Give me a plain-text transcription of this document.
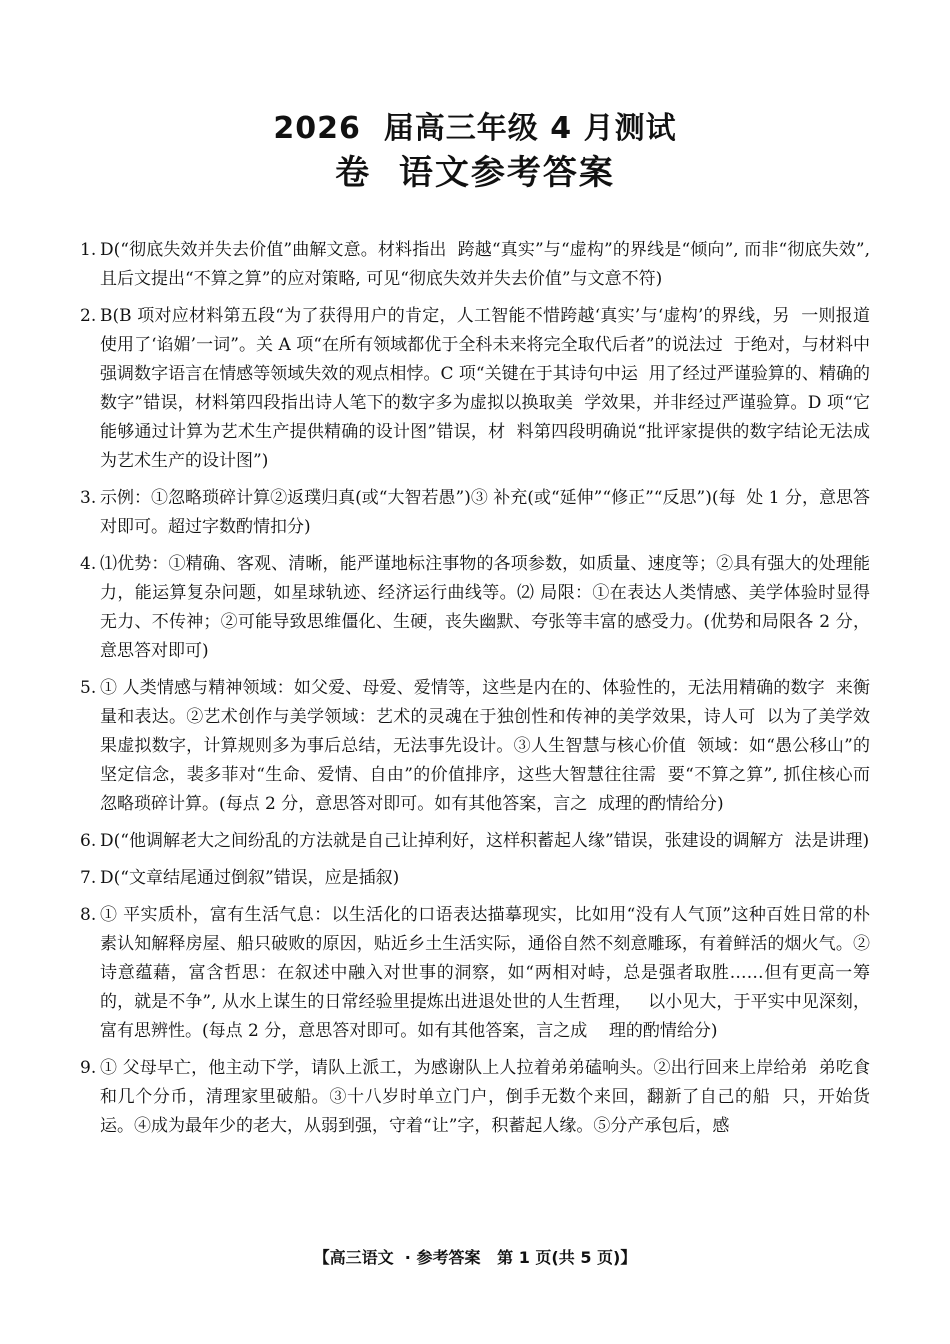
2026  届高三年级 4 月测试
卷  语文参考答案
1. D(“彻底失效并失去价值”曲解文意。材料指出  跨越“真实”与“虚构”的界线是“倾向”, 而非“彻底失效”, 且后文提出“不算之算”的应对策略, 可见“彻底失效并失去价值”与文意不符)
2. B(B 项对应材料第五段“为了获得用户的肯定，人工智能不惜跨越‘真实’与‘虚构’的界线，另  一则报道使用了‘谄媚’一词”。关 A 项“在所有领域都优于全科未来将完全取代后者”的说法过  于绝对，与材料中强调数字语言在情感等领域失效的观点相悖。C 项“关键在于其诗句中运  用了经过严谨验算的、精确的数字”错误，材料第四段指出诗人笔下的数字多为虚拟以换取美  学效果，并非经过严谨验算。D 项“它能够通过计算为艺术生产提供精确的设计图”错误，材  料第四段明确说“批评家提供的数字结论无法成为艺术生产的设计图”)
3. 示例：①忽略琐碎计算②返璞归真(或“大智若愚”)③ 补充(或“延伸”“修正”“反思”)(每  处 1 分，意思答对即可。超过字数酌情扣分)
4. ⑴优势：①精确、客观、清晰，能严谨地标注事物的各项参数，如质量、速度等；②具有强大的处理能力，能运算复杂问题，如星球轨迹、经济运行曲线等。⑵ 局限：①在表达人类情感、美学体验时显得无力、不传神；②可能导致思维僵化、生硬，丧失幽默、夸张等丰富的感受力。(优势和局限各 2 分，意思答对即可)
5. ① 人类情感与精神领域：如父爱、母爱、爱情等，这些是内在的、体验性的，无法用精确的数字  来衡量和表达。②艺术创作与美学领域：艺术的灵魂在于独创性和传神的美学效果，诗人可  以为了美学效果虚拟数字，计算规则多为事后总结，无法事先设计。③人生智慧与核心价值  领域：如“愚公移山”的坚定信念，裴多菲对“生命、爱情、自由”的价值排序，这些大智慧往往需  要“不算之算”, 抓住核心而忽略琐碎计算。(每点 2 分，意思答对即可。如有其他答案，言之  成理的酌情给分)
6. D(“他调解老大之间纷乱的方法就是自己让掉利好，这样积蓄起人缘”错误，张建设的调解方  法是讲理)
7. D(“文章结尾通过倒叙”错误，应是插叙)
8. ① 平实质朴，富有生活气息：以生活化的口语表达描摹现实，比如用“没有人气顶”这种百姓日常的朴素认知解释房屋、船只破败的原因，贴近乡土生活实际，通俗自然不刻意雕琢，有着鲜活的烟火气。②诗意蕴藉，富含哲思：在叙述中融入对世事的洞察，如“两相对峙，总是强者取胜……但有更高一筹的，就是不争”, 从水上谋生的日常经验里提炼出进退处世的人生哲理，   以小见大，于平实中见深刻，富有思辨性。(每点 2 分，意思答对即可。如有其他答案，言之成    理的酌情给分)
9. ① 父母早亡，他主动下学，请队上派工，为感谢队上人拉着弟弟磕响头。②出行回来上岸给弟  弟吃食和几个分币，清理家里破船。③十八岁时单立门户，倒手无数个来回，翻新了自己的船  只，开始货运。④成为最年少的老大，从弱到强，守着“让”字，积蓄起人缘。⑤分产承包后，感
【高三语文  · 参考答案   第 1 页(共 5 页)】
